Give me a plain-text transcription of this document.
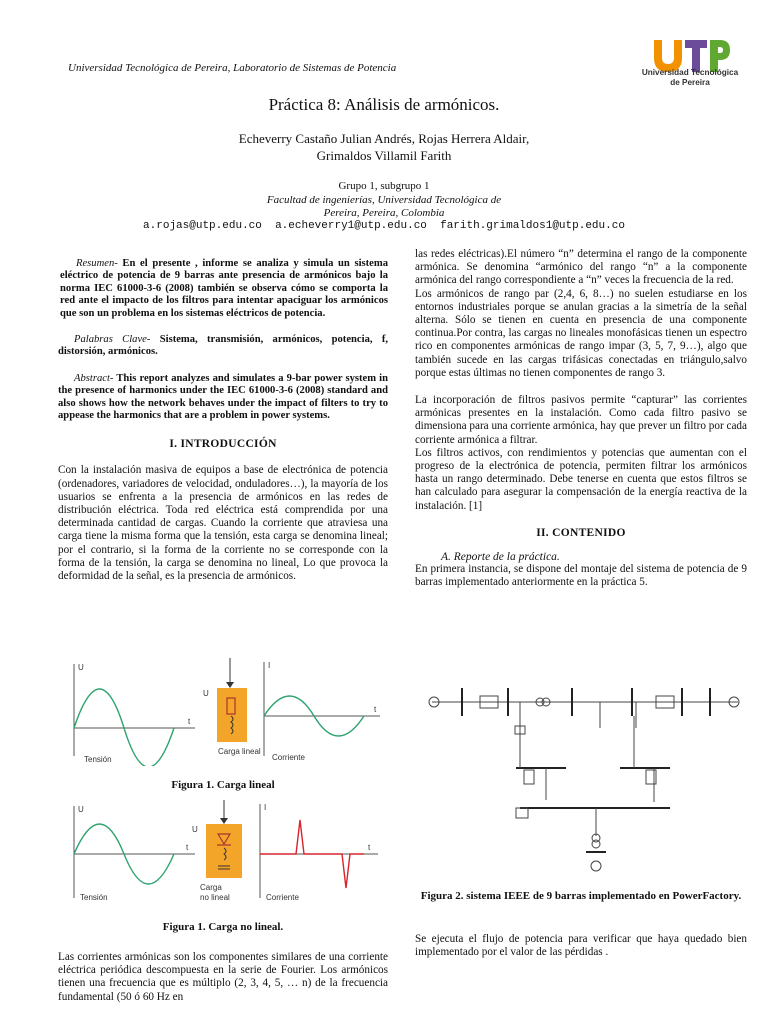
Universidad Tecnológica de Pereira, Laboratorio de Sistemas de Potencia	Universidad Tecnológica
de Pereira
Práctica 8: Análisis de armónicos.
Echeverry Castaño Julian Andrés, Rojas Herrera Aldair,
Grimaldos Villamil Farith
Grupo 1, subgrupo 1
Facultad de ingenierías, Universidad Tecnológica de
Pereira, Pereira, Colombia
a.rojas@utp.edu.co  a.echeverry1@utp.edu.co  farith.grimaldos1@utp.edu.co
Resumen- En el presente , informe se analiza y simula un sistema eléctrico de potencia de 9 barras ante presencia de armónicos bajo la norma IEC 61000-3-6 (2008) también se observa cómo se comporta la red ante el impacto de los filtros para intentar apaciguar los armónicos que son un problema en los sistemas eléctricos de potencia.
Palabras Clave- Sistema, transmisión, armónicos, potencia, f, distorsión, armónicos.
Abstract- This report analyzes and simulates a 9-bar power system in the presence of harmonics under the IEC 61000-3-6 (2008) standard and also shows how the network behaves under the impact of filters to try to appease the harmonics that are a problem in power systems.
I. INTRODUCCIÓN
Con la instalación masiva de equipos a base de electrónica de potencia (ordenadores, variadores de velocidad, onduladores…), la mayoría de los usuarios se enfrenta a la presencia de armónicos en las redes de distribución eléctrica. Toda red eléctrica está comprendida por una determinada cantidad de cargas. Cuando la corriente que atraviesa una carga tiene la misma forma que la tensión, esta carga se denomina lineal; por el contrario, si la forma de la corriente no se corresponde con la forma de la tensión, la carga se denomina no lineal, Lo que provoca la deformidad de la señal, es la presencia de armónicos.
U
t
Tensión
U
Carga lineal
I
t
Corriente
Figura 1. Carga lineal
U
t
Tensión
U
Carga
no lineal
I
t
Corriente
Figura 1. Carga no lineal.
Las corrientes armónicas son los componentes similares de una corriente eléctrica periódica descompuesta en la serie de Fourier. Los armónicos tienen una frecuencia que es múltiplo (2, 3, 4, 5, … n) de la frecuencia fundamental (50 ó 60 Hz en
las redes eléctricas).El número “n” determina el rango de la componente armónica. Se denomina “armónico del rango “n” a la componente armónica del rango correspondiente a “n” veces la frecuencia de la red.
Los armónicos de rango par (2,4, 6, 8…) no suelen estudiarse en los entornos industriales porque se anulan gracias a la simetría de la señal alterna. Sólo se tienen en cuenta en presencia de una componente continua.Por contra, las cargas no lineales monofásicas tienen un espectro rico en componentes armónicas de rango impar (3, 5, 7, 9…), algo que también sucede en las cargas trifásicas conectadas en triángulo,salvo porque estas últimas no tienen componentes de rango 3.
La incorporación de filtros pasivos permite “capturar” las corrientes armónicas presentes en la instalación. Como cada filtro pasivo se dimensiona para una corriente armónica, hay que prever un filtro por cada corriente armónica a filtrar.
Los filtros activos, con rendimientos y potencias que aumentan con el progreso de la electrónica de potencia, permiten filtrar los armónicos hasta un rango determinado. Debe tenerse en cuenta que estos filtros se han calculado para asegurar la compensación de la energía reactiva de la instalación. [1]
II. CONTENIDO
A. Reporte de la práctica.
En primera instancia, se dispone del montaje del sistema de potencia de 9 barras implementado anteriormente en la práctica 5.
Figura 2. sistema IEEE de 9 barras implementado en PowerFactory.
Se ejecuta el flujo de potencia para verificar que haya quedado bien implementado por el valor de las pérdidas .
